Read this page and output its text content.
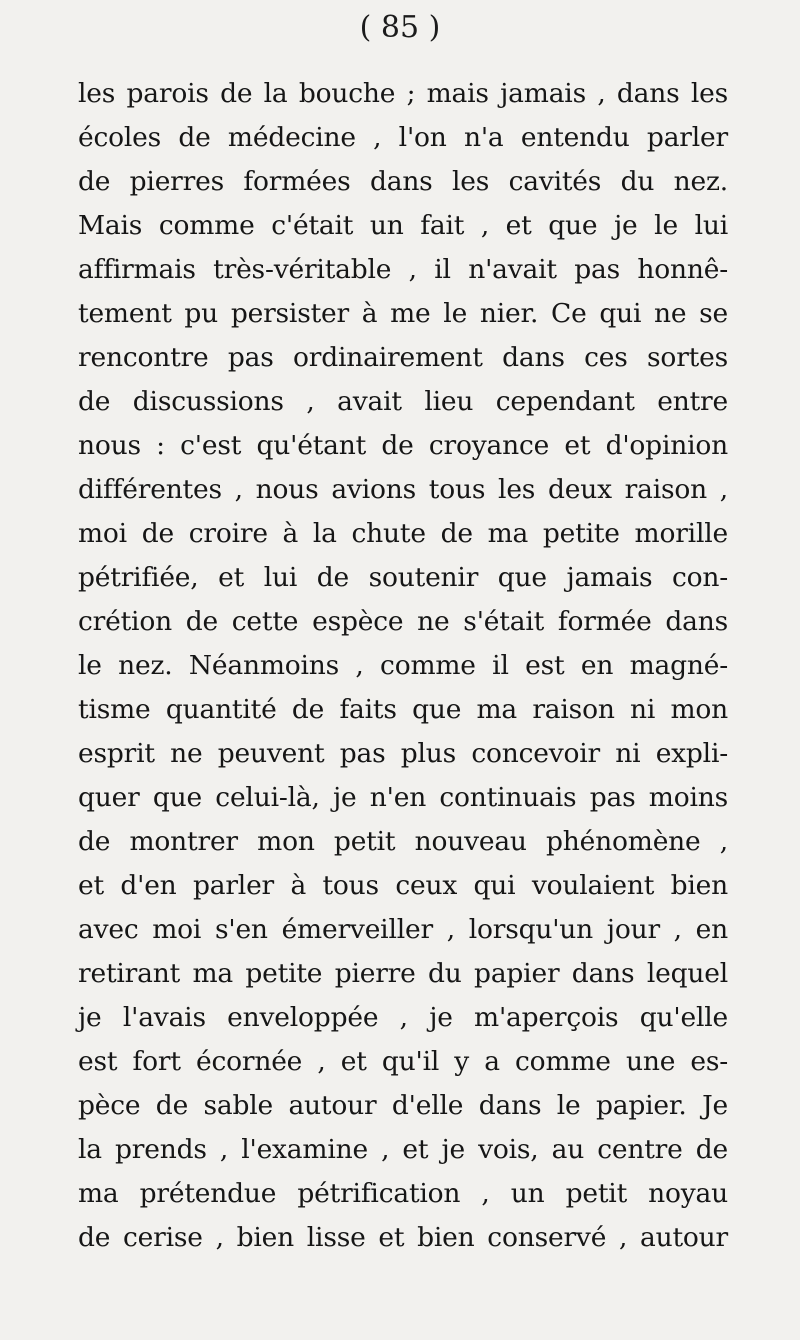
( 85 )

les parois de la bouche ; mais jamais , dans les
écoles de médecine , l'on n'a entendu parler
de pierres formées dans les cavités du nez.
Mais comme c'était un fait , et que je le lui
affirmais très-véritable , il n'avait pas honnê-
tement pu persister à me le nier. Ce qui ne se
rencontre pas ordinairement dans ces sortes
de discussions , avait lieu cependant entre
nous : c'est qu'étant de croyance et d'opinion
différentes , nous avions tous les deux raison ,
moi de croire à la chute de ma petite morille
pétrifiée, et lui de soutenir que jamais con-
crétion de cette espèce ne s'était formée dans
le nez. Néanmoins , comme il est en magné-
tisme quantité de faits que ma raison ni mon
esprit ne peuvent pas plus concevoir ni expli-
quer que celui-là, je n'en continuais pas moins
de montrer mon petit nouveau phénomène ,
et d'en parler à tous ceux qui voulaient bien
avec moi s'en émerveiller , lorsqu'un jour , en
retirant ma petite pierre du papier dans lequel
je l'avais enveloppée , je m'aperçois qu'elle
est fort écornée , et qu'il y a comme une es-
pèce de sable autour d'elle dans le papier. Je
la prends , l'examine , et je vois, au centre de
ma prétendue pétrification , un petit noyau
de cerise , bien lisse et bien conservé , autour
